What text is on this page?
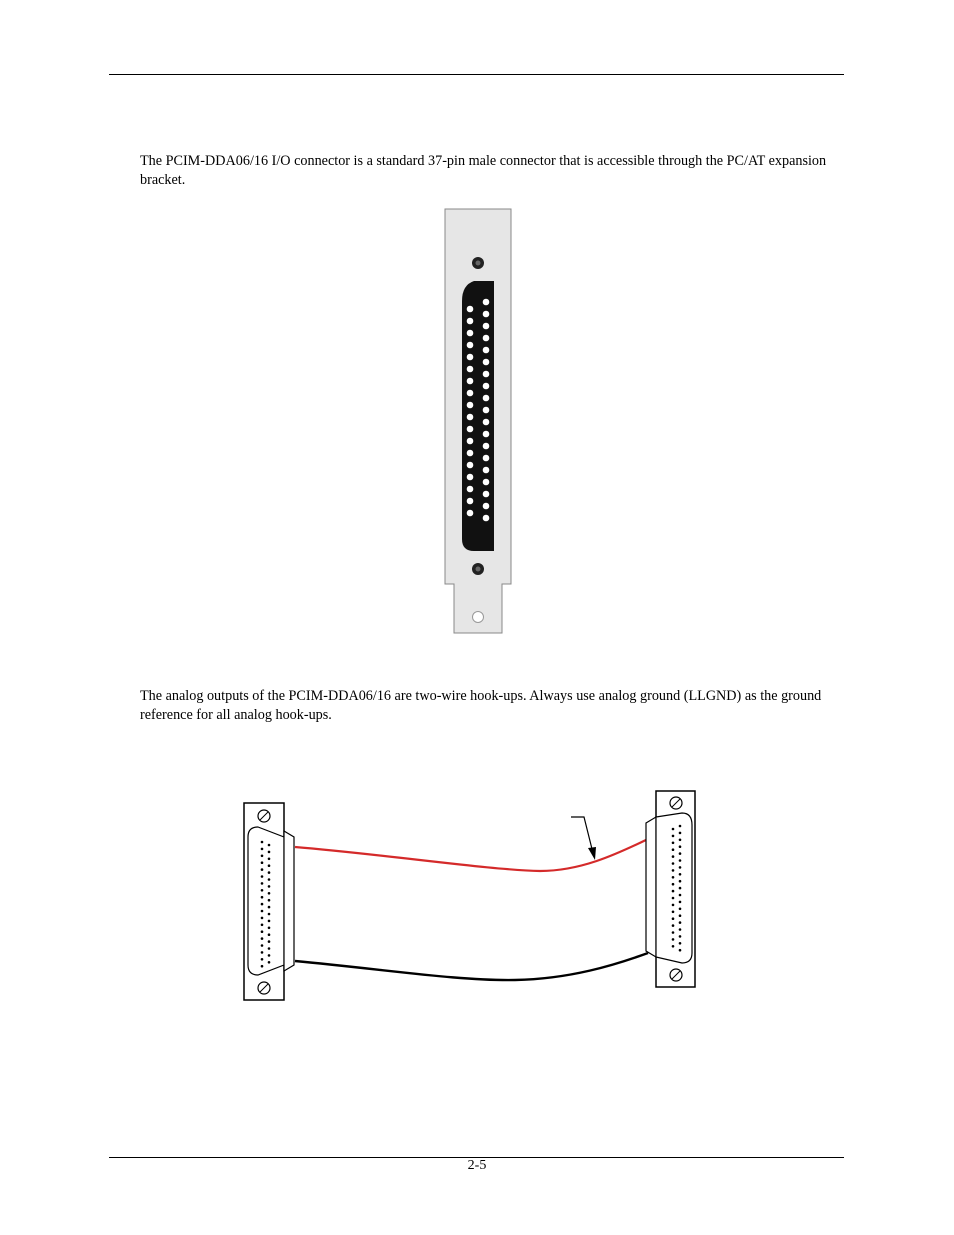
The PCIM-DDA06/16 I/O connector is a standard 37-pin male connector that is accessible through the PC/AT expansion bracket.

The analog outputs of the PCIM-DDA06/16 are two-wire hook-ups. Always use analog ground (LLGND) as the ground reference for all analog hook-ups.

2-5
